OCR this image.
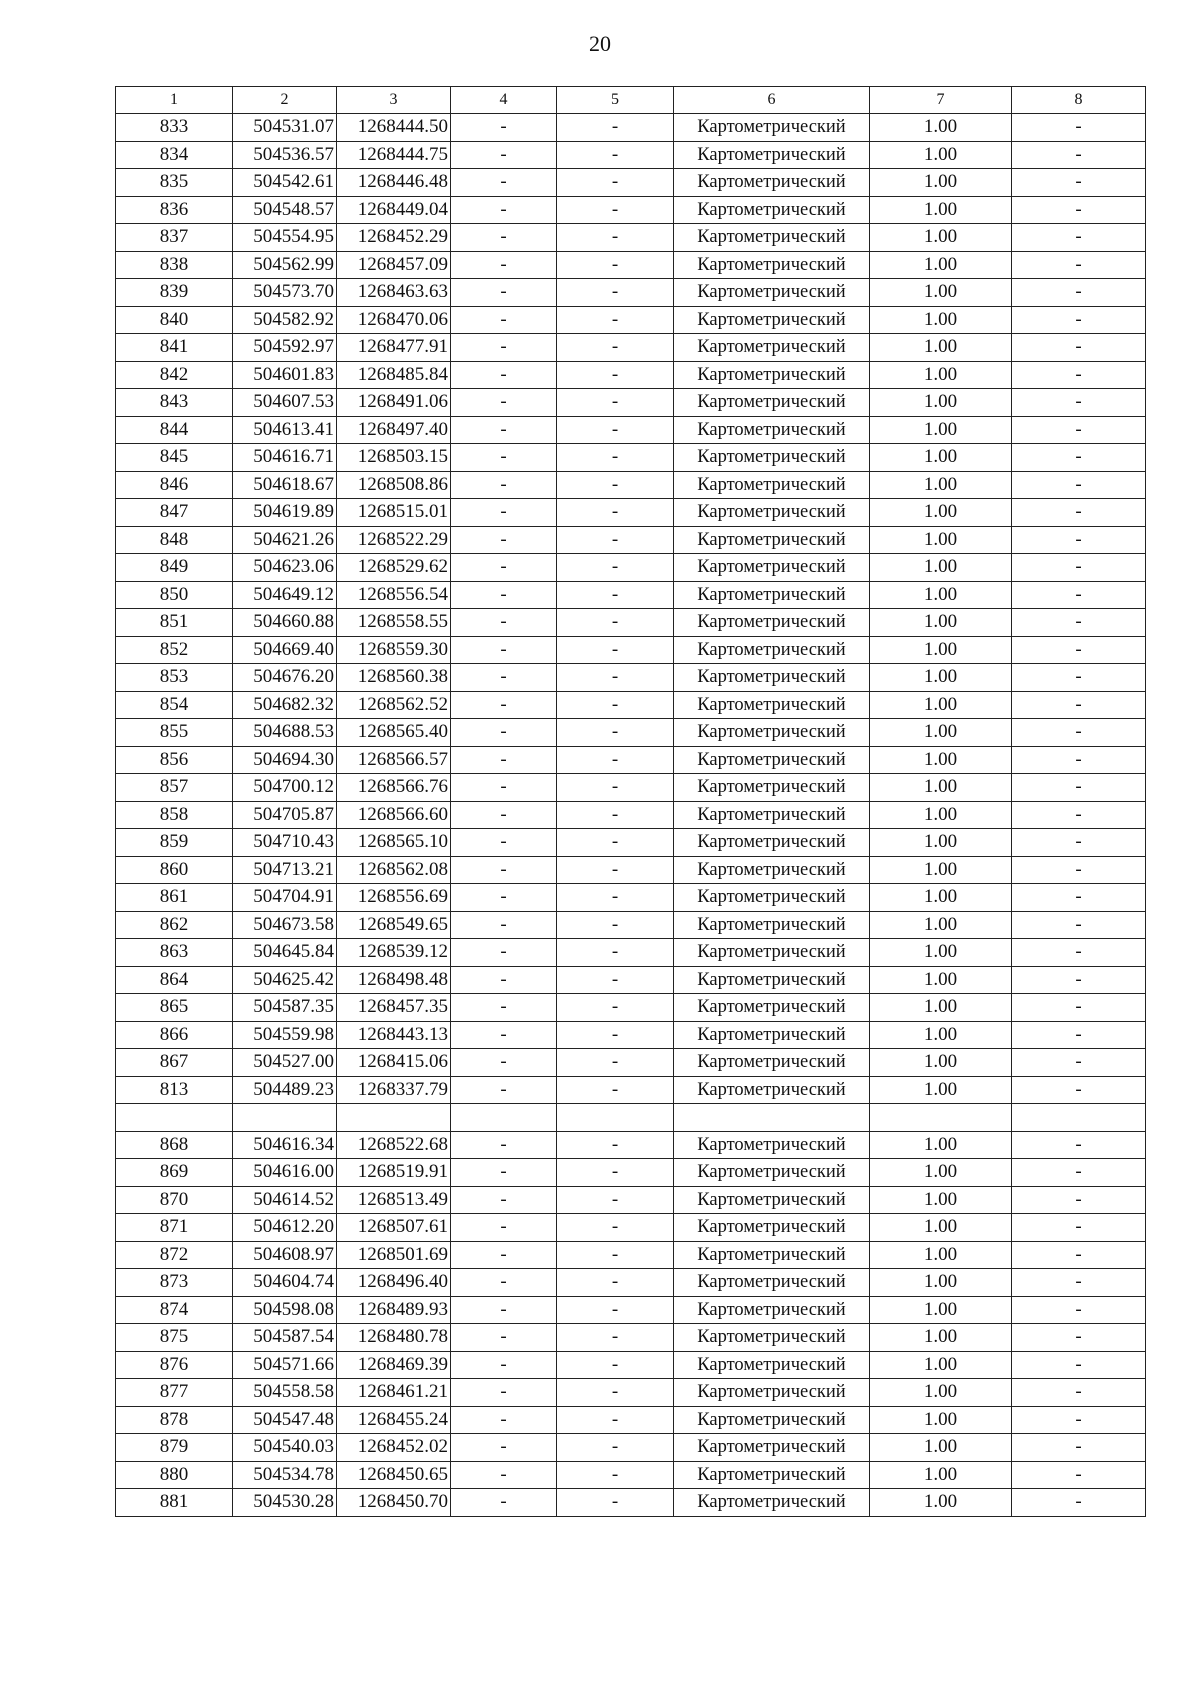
20
1	2	3	4	5	6	7	8
833	504531.07	1268444.50	-	-	Картометрический	1.00	-
834	504536.57	1268444.75	-	-	Картометрический	1.00	-
835	504542.61	1268446.48	-	-	Картометрический	1.00	-
836	504548.57	1268449.04	-	-	Картометрический	1.00	-
837	504554.95	1268452.29	-	-	Картометрический	1.00	-
838	504562.99	1268457.09	-	-	Картометрический	1.00	-
839	504573.70	1268463.63	-	-	Картометрический	1.00	-
840	504582.92	1268470.06	-	-	Картометрический	1.00	-
841	504592.97	1268477.91	-	-	Картометрический	1.00	-
842	504601.83	1268485.84	-	-	Картометрический	1.00	-
843	504607.53	1268491.06	-	-	Картометрический	1.00	-
844	504613.41	1268497.40	-	-	Картометрический	1.00	-
845	504616.71	1268503.15	-	-	Картометрический	1.00	-
846	504618.67	1268508.86	-	-	Картометрический	1.00	-
847	504619.89	1268515.01	-	-	Картометрический	1.00	-
848	504621.26	1268522.29	-	-	Картометрический	1.00	-
849	504623.06	1268529.62	-	-	Картометрический	1.00	-
850	504649.12	1268556.54	-	-	Картометрический	1.00	-
851	504660.88	1268558.55	-	-	Картометрический	1.00	-
852	504669.40	1268559.30	-	-	Картометрический	1.00	-
853	504676.20	1268560.38	-	-	Картометрический	1.00	-
854	504682.32	1268562.52	-	-	Картометрический	1.00	-
855	504688.53	1268565.40	-	-	Картометрический	1.00	-
856	504694.30	1268566.57	-	-	Картометрический	1.00	-
857	504700.12	1268566.76	-	-	Картометрический	1.00	-
858	504705.87	1268566.60	-	-	Картометрический	1.00	-
859	504710.43	1268565.10	-	-	Картометрический	1.00	-
860	504713.21	1268562.08	-	-	Картометрический	1.00	-
861	504704.91	1268556.69	-	-	Картометрический	1.00	-
862	504673.58	1268549.65	-	-	Картометрический	1.00	-
863	504645.84	1268539.12	-	-	Картометрический	1.00	-
864	504625.42	1268498.48	-	-	Картометрический	1.00	-
865	504587.35	1268457.35	-	-	Картометрический	1.00	-
866	504559.98	1268443.13	-	-	Картометрический	1.00	-
867	504527.00	1268415.06	-	-	Картометрический	1.00	-
813	504489.23	1268337.79	-	-	Картометрический	1.00	-

868	504616.34	1268522.68	-	-	Картометрический	1.00	-
869	504616.00	1268519.91	-	-	Картометрический	1.00	-
870	504614.52	1268513.49	-	-	Картометрический	1.00	-
871	504612.20	1268507.61	-	-	Картометрический	1.00	-
872	504608.97	1268501.69	-	-	Картометрический	1.00	-
873	504604.74	1268496.40	-	-	Картометрический	1.00	-
874	504598.08	1268489.93	-	-	Картометрический	1.00	-
875	504587.54	1268480.78	-	-	Картометрический	1.00	-
876	504571.66	1268469.39	-	-	Картометрический	1.00	-
877	504558.58	1268461.21	-	-	Картометрический	1.00	-
878	504547.48	1268455.24	-	-	Картометрический	1.00	-
879	504540.03	1268452.02	-	-	Картометрический	1.00	-
880	504534.78	1268450.65	-	-	Картометрический	1.00	-
881	504530.28	1268450.70	-	-	Картометрический	1.00	-
